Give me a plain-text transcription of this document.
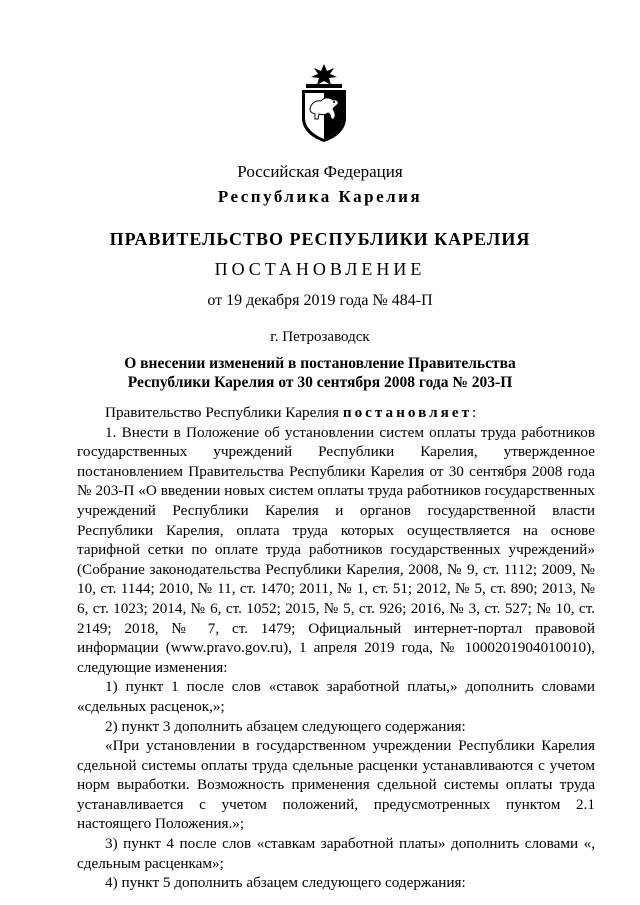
Российская Федерация
Республика Карелия
ПРАВИТЕЛЬСТВО РЕСПУБЛИКИ КАРЕЛИЯ
ПОСТАНОВЛЕНИЕ
от 19 декабря 2019 года № 484-П
г. Петрозаводск
О внесении изменений в постановление Правительства
Республики Карелия от 30 сентября 2008 года № 203-П

Правительство Республики Карелия постановляет:

1. Внести в Положение об установлении систем оплаты труда работников государственных учреждений Республики Карелия, утвержденное постановлением Правительства Республики Карелия от 30 сентября 2008 года № 203-П «О введении новых систем оплаты труда работников государственных учреждений Республики Карелия и органов государственной власти Республики Карелия, оплата труда которых осуществляется на основе тарифной сетки по оплате труда работников государственных учреждений» (Собрание законодательства Республики Карелия, 2008, № 9, ст. 1112; 2009, № 10, ст. 1144; 2010, № 11, ст. 1470; 2011, № 1, ст. 51; 2012, № 5, ст. 890; 2013, № 6, ст. 1023; 2014, № 6, ст. 1052; 2015, № 5, ст. 926; 2016, № 3, ст. 527; № 10, ст. 2149; 2018, № 7, ст. 1479; Официальный интернет-портал правовой информации (www.pravo.gov.ru), 1 апреля 2019 года, № 1000201904010010), следующие изменения:

1) пункт 1 после слов «ставок заработной платы,» дополнить словами «сдельных расценок,»;

2) пункт 3 дополнить абзацем следующего содержания:

«При установлении в государственном учреждении Республики Карелия сдельной системы оплаты труда сдельные расценки устанавливаются с учетом норм выработки. Возможность применения сдельной системы оплаты труда устанавливается с учетом положений, предусмотренных пунктом 2.1 настоящего Положения.»;

3) пункт 4 после слов «ставкам заработной платы» дополнить словами «, сдельным расценкам»;

4) пункт 5 дополнить абзацем следующего содержания:
